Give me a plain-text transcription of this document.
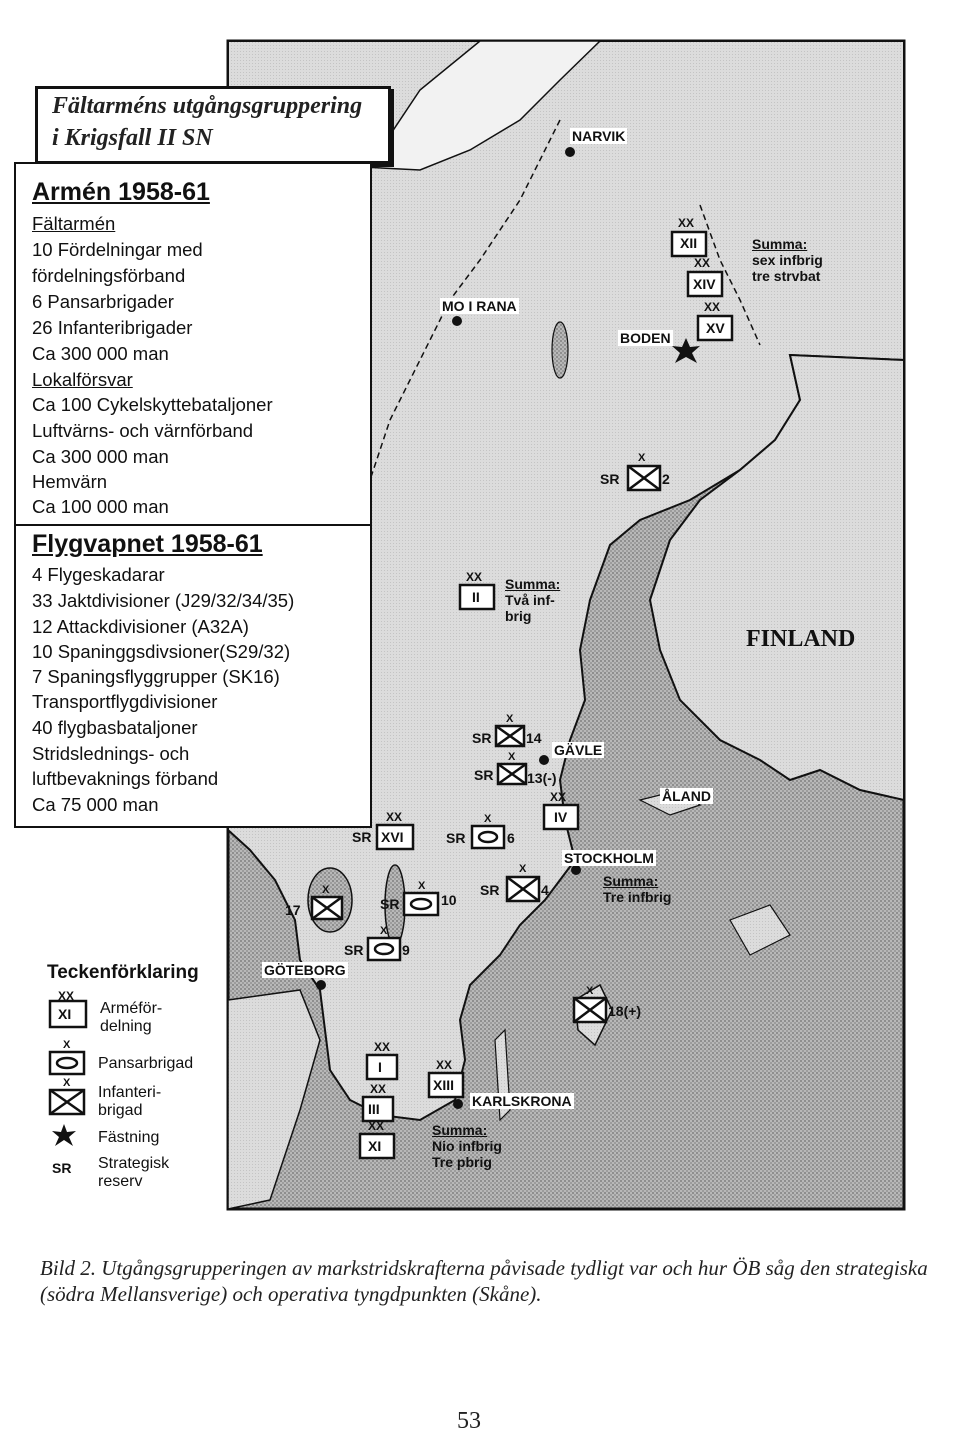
Fältarméns utgångsgruppering
i Krigsfall II SN
Armén 1958-61
Fältarmén
10 Fördelningar med
fördelningsförband
6 Pansarbrigader
26 Infanteribrigader
Ca 300 000 man
Lokalförsvar
Ca 100 Cykelskyttebataljoner
Luftvärns- och värnförband
Ca 300 000 man
Hemvärn
Ca 100 000 man
Flygvapnet 1958-61
4 Flygeskadarar
33 Jaktdivisioner (J29/32/34/35)
12 Attackdivisioner (A32A)
10 Spaninggsdivsioner(S29/32)
7 Spaningsflyggrupper (SK16)
Transportflygdivisioner
40 flygbasbataljoner
Stridslednings- och
luftbevaknings förband
Ca 75 000 man
NARVIK
MO I RANA
BODEN
GÄVLE
ÅLAND
STOCKHOLM
GÖTEBORG
KARLSKRONA
FINLAND
Summa:
sex infbrig
tre strvbat
Summa:
Två inf-
brig
Summa:
Tre infbrig
Summa:
Nio infbrig
Tre pbrig
XII
XIV
XV
II
IV
XVI
I
III
XI
XIII
XX
XX
XX
XX
XX
XX
XX
XX
XX
XX
X
X
X
X
X
X
X
X
X
SR	2
SR 14
SR 13(-)
SR	SR	6
SR	4
SR	10
SR	9
17
18(+)
Teckenförklaring
XX
XI
X
X
Arméför-
delning
Pansarbrigad
Infanteri-
brigad
Fästning
SR Strategisk
reserv
Bild 2. Utgångsgrupperingen av markstridskrafterna påvisade tydligt var och hur ÖB såg den strategiska (södra Mellansverige) och operativa tyngdpunkten (Skåne).
53
